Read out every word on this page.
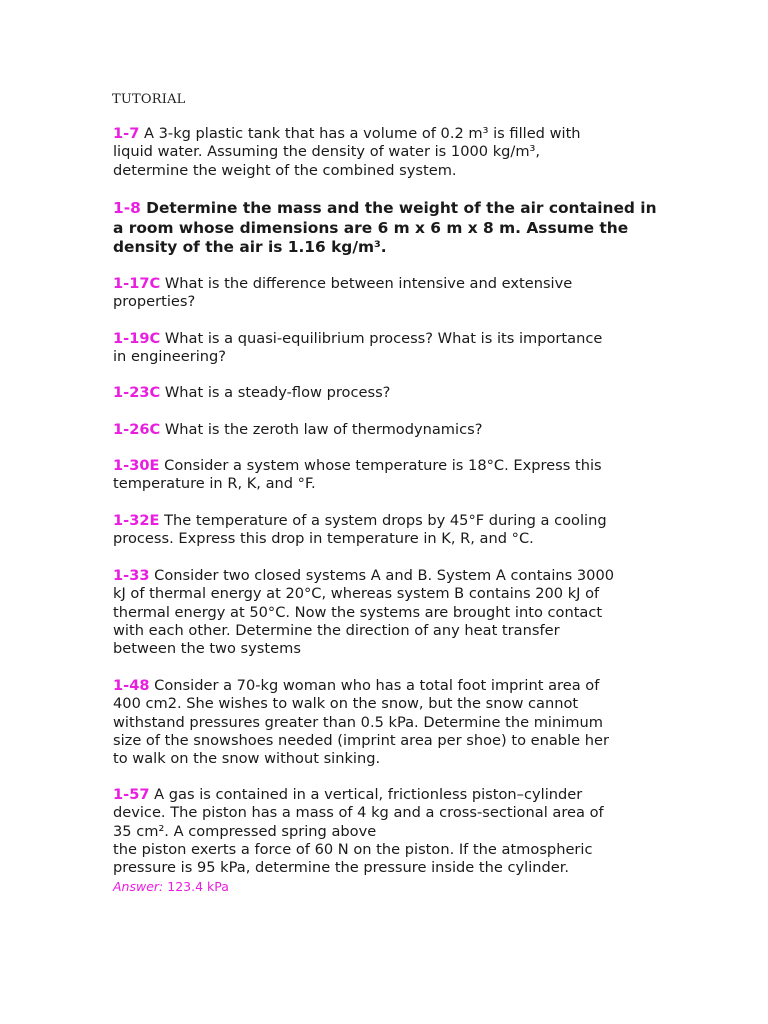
TUTORIAL
1-7 A 3-kg plastic tank that has a volume of 0.2 m³ is filled with
liquid water. Assuming the density of water is 1000 kg/m³,
determine the weight of the combined system.
1-8 Determine the mass and the weight of the air contained in
a room whose dimensions are 6 m x 6 m x 8 m. Assume the
density of the air is 1.16 kg/m³.
1-17C What is the difference between intensive and extensive
properties?
1-19C What is a quasi-equilibrium process? What is its importance
in engineering?
1-23C What is a steady-flow process?
1-26C What is the zeroth law of thermodynamics?
1-30E Consider a system whose temperature is 18°C. Express this
temperature in R, K, and °F.
1-32E The temperature of a system drops by 45°F during a cooling
process. Express this drop in temperature in K, R, and °C.
1-33 Consider two closed systems A and B. System A contains 3000
kJ of thermal energy at 20°C, whereas system B contains 200 kJ of
thermal energy at 50°C. Now the systems are brought into contact
with each other. Determine the direction of any heat transfer
between the two systems
1-48 Consider a 70-kg woman who has a total foot imprint area of
400 cm2. She wishes to walk on the snow, but the snow cannot
withstand pressures greater than 0.5 kPa. Determine the minimum
size of the snowshoes needed (imprint area per shoe) to enable her
to walk on the snow without sinking.
1-57 A gas is contained in a vertical, frictionless piston–cylinder
device. The piston has a mass of 4 kg and a cross-sectional area of
35 cm². A compressed spring above
the piston exerts a force of 60 N on the piston. If the atmospheric
pressure is 95 kPa, determine the pressure inside the cylinder.
Answer: 123.4 kPa
